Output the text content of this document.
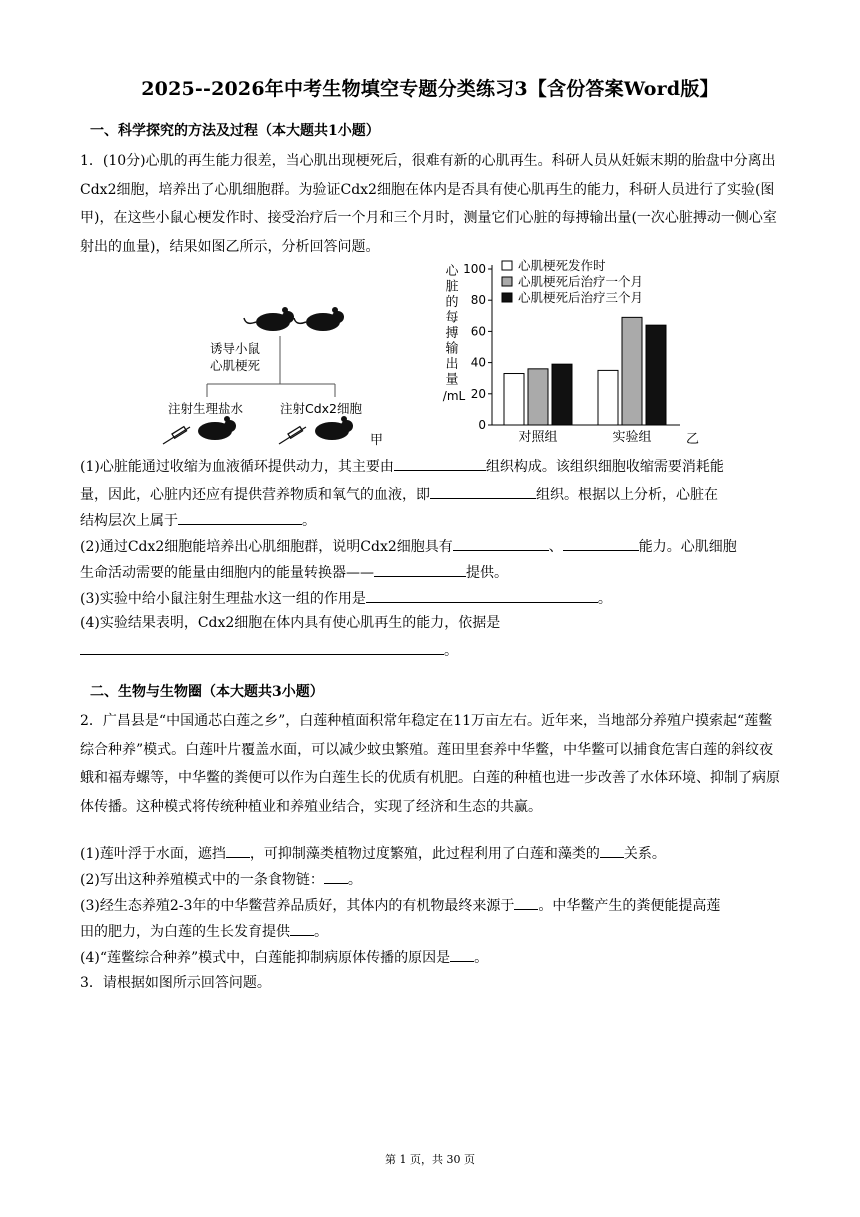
2025--2026年中考生物填空专题分类练习3【含份答案Word版】
一、科学探究的方法及过程（本大题共1小题）
1．(10分)心肌的再生能力很差，当心肌出现梗死后，很难有新的心肌再生。科研人员从妊娠末期的胎盘中分离出Cdx2细胞，培养出了心肌细胞群。为验证Cdx2细胞在体内是否具有使心肌再生的能力，科研人员进行了实验(图甲)，在这些小鼠心梗发作时、接受治疗后一个月和三个月时，测量它们心脏的每搏输出量(一次心脏搏动一侧心室射出的血量)，结果如图乙所示，分析回答问题。
诱导小鼠
心肌梗死
注射生理盐水	注射Cdx2细胞
甲
心
脏
的
每
搏
输
出
量
/mL
0
20
40
60
80
100
对照组	实验组
心肌梗死发作时
心肌梗死后治疗一个月
心肌梗死后治疗三个月
乙
(1)心脏能通过收缩为血液循环提供动力，其主要由	组织构成。该组织细胞收缩需要消耗能
量，因此，心脏内还应有提供营养物质和氧气的血液，即	组织。根据以上分析，心脏在
结构层次上属于	。
(2)通过Cdx2细胞能培养出心肌细胞群，说明Cdx2细胞具有	、	能力。心肌细胞
生命活动需要的能量由细胞内的能量转换器——	提供。
(3)实验中给小鼠注射生理盐水这一组的作用是	。
(4)实验结果表明，Cdx2细胞在体内具有使心肌再生的能力，依据是
。
二、生物与生物圈（本大题共3小题）
2．广昌县是“中国通芯白莲之乡”，白莲种植面积常年稳定在11万亩左右。近年来，当地部分养殖户摸索起“莲鳖综合种养”模式。白莲叶片覆盖水面，可以减少蚊虫繁殖。莲田里套养中华鳖，中华鳖可以捕食危害白莲的斜纹夜蛾和福寿螺等，中华鳖的粪便可以作为白莲生长的优质有机肥。白莲的种植也进一步改善了水体环境、抑制了病原体传播。这种模式将传统种植业和养殖业结合，实现了经济和生态的共赢。
(1)莲叶浮于水面，遮挡 ，可抑制藻类植物过度繁殖，此过程利用了白莲和藻类的 关系。
(2)写出这种养殖模式中的一条食物链： 。
(3)经生态养殖2-3年的中华鳖营养品质好，其体内的有机物最终来源于 。中华鳖产生的粪便能提高莲
田的肥力，为白莲的生长发育提供 。
(4)“莲鳖综合种养”模式中，白莲能抑制病原体传播的原因是 。
3．请根据如图所示回答问题。
第 1 页，共 30 页
